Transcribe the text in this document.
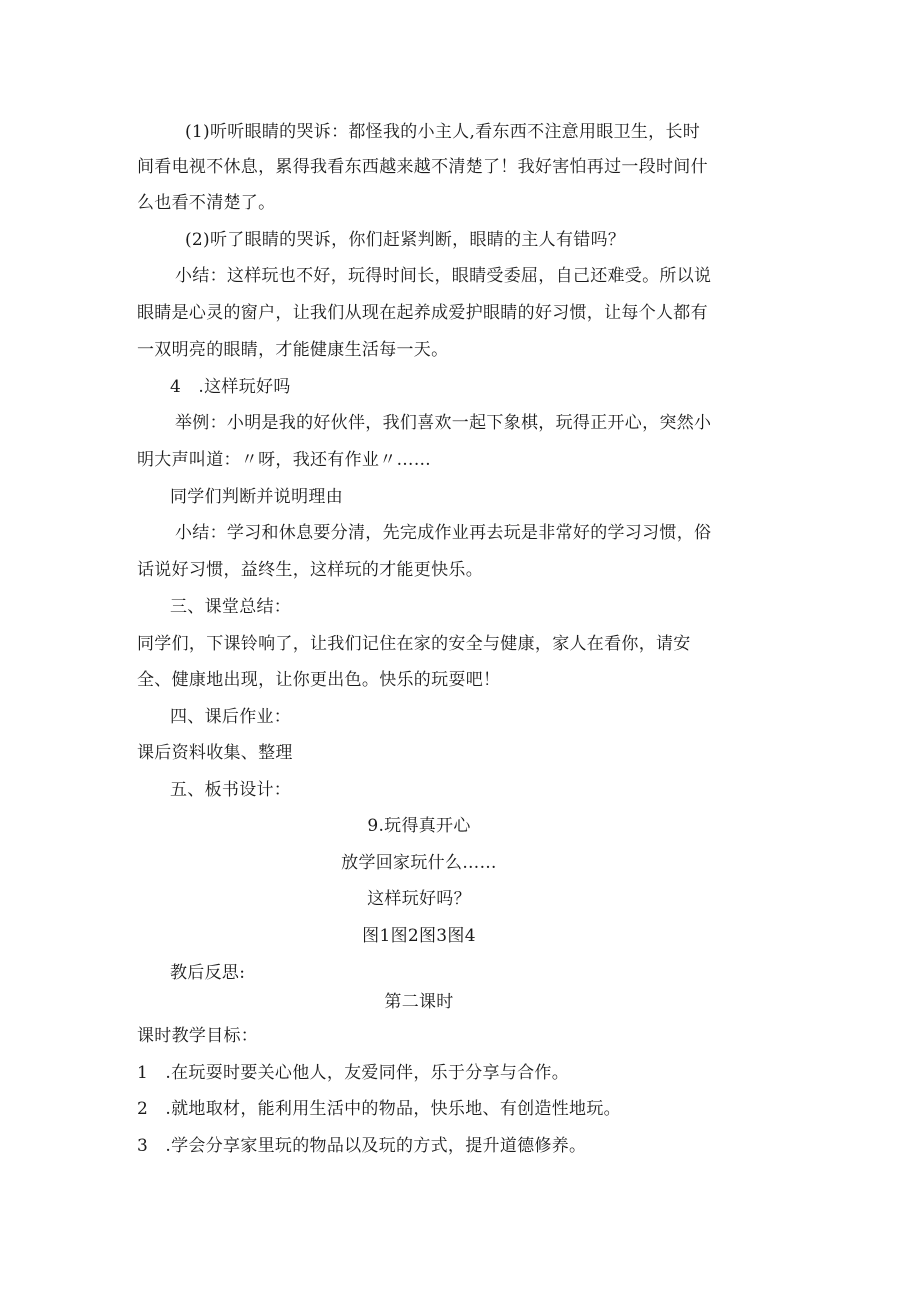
(1)听听眼睛的哭诉：都怪我的小主人,看东西不注意用眼卫生，长时
间看电视不休息，累得我看东西越来越不清楚了！我好害怕再过一段时间什
么也看不清楚了。
(2)听了眼睛的哭诉，你们赶紧判断，眼睛的主人有错吗？
小结：这样玩也不好，玩得时间长，眼睛受委屈，自己还难受。所以说
眼睛是心灵的窗户，让我们从现在起养成爱护眼睛的好习惯，让每个人都有
一双明亮的眼睛，才能健康生活每一天。
4　.这样玩好吗
举例：小明是我的好伙伴，我们喜欢一起下象棋，玩得正开心，突然小
明大声叫道：〃呀，我还有作业〃……
同学们判断并说明理由
小结：学习和休息要分清，先完成作业再去玩是非常好的学习习惯，俗
话说好习惯，益终生，这样玩的才能更快乐。
三、课堂总结：
同学们，下课铃响了，让我们记住在家的安全与健康，家人在看你，请安
全、健康地出现，让你更出色。快乐的玩耍吧！
四、课后作业：
课后资料收集、整理
五、板书设计：
9.玩得真开心
放学回家玩什么……
这样玩好吗？
图1图2图3图4
教后反思:
第二课时
课时教学目标：
1　.在玩耍时要关心他人，友爱同伴，乐于分享与合作。
2　.就地取材，能利用生活中的物品，快乐地、有创造性地玩。
3　.学会分享家里玩的物品以及玩的方式，提升道德修养。
